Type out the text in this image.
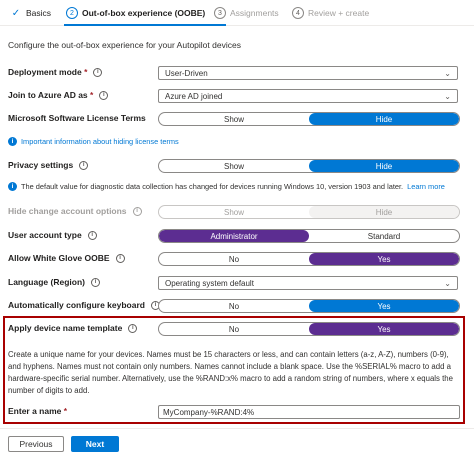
✓ Basics	2 Out-of-box experience (OOBE)	3 Assignments	4 Review + create
Configure the out-of-box experience for your Autopilot devices
Deployment mode *	i	User-Driven	⌄
Join to Azure AD as *	i	Azure AD joined	⌄
Microsoft Software License Terms	Show	Hide
i	Important information about hiding license terms
Privacy settings	i	Show	Hide
i	The default value for diagnostic data collection has changed for devices running Windows 10, version 1903 and later. Learn more
Hide change account options	i	Show	Hide
User account type	i	Administrator	Standard
Allow White Glove OOBE	i	No	Yes
Language (Region)	i	Operating system default	⌄
Automatically configure keyboard	i	No	Yes
Apply device name template	i	No	Yes
Create a unique name for your devices. Names must be 15 characters or less, and can contain letters (a-z, A-Z), numbers (0-9), and hyphens. Names must not contain only numbers. Names cannot include a blank space. Use the %SERIAL% macro to add a hardware-specific serial number. Alternatively, use the %RAND:x% macro to add a random string of numbers, where x equals the number of digits to add.
Enter a name *	MyCompany-%RAND:4%
Previous	Next
